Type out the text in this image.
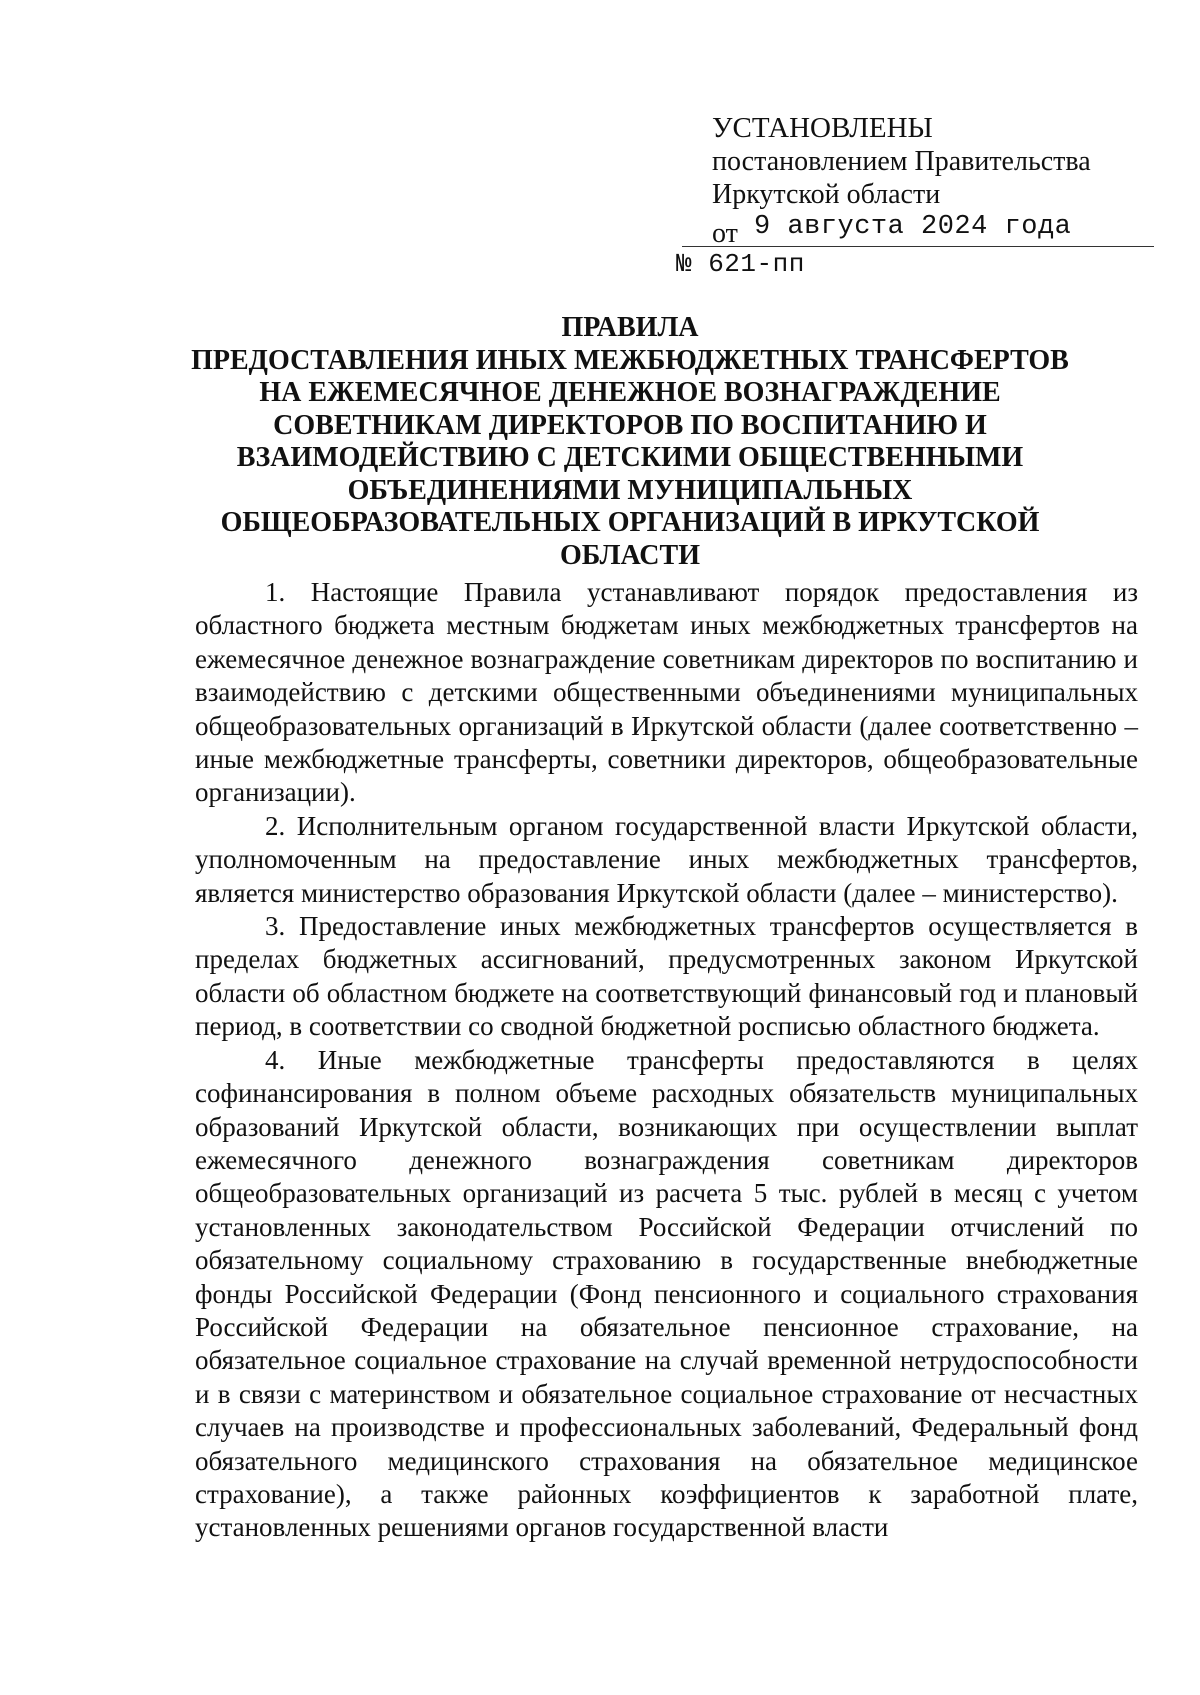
УСТАНОВЛЕНЫ
постановлением Правительства
Иркутской области
от 9 августа 2024 года
№ 621-пп
ПРАВИЛА
ПРЕДОСТАВЛЕНИЯ ИНЫХ МЕЖБЮДЖЕТНЫХ ТРАНСФЕРТОВ НА ЕЖЕМЕСЯЧНОЕ ДЕНЕЖНОЕ ВОЗНАГРАЖДЕНИЕ СОВЕТНИКАМ ДИРЕКТОРОВ ПО ВОСПИТАНИЮ И ВЗАИМОДЕЙСТВИЮ С ДЕТСКИМИ ОБЩЕСТВЕННЫМИ ОБЪЕДИНЕНИЯМИ МУНИЦИПАЛЬНЫХ ОБЩЕОБРАЗОВАТЕЛЬНЫХ ОРГАНИЗАЦИЙ В ИРКУТСКОЙ ОБЛАСТИ

1. Настоящие Правила устанавливают порядок предоставления из областного бюджета местным бюджетам иных межбюджетных трансфертов на ежемесячное денежное вознаграждение советникам директоров по воспитанию и взаимодействию с детскими общественными объединениями муниципальных общеобразовательных организаций в Иркутской области (далее соответственно – иные межбюджетные трансферты, советники директоров, общеобразовательные организации).

2. Исполнительным органом государственной власти Иркутской области, уполномоченным на предоставление иных межбюджетных трансфертов, является министерство образования Иркутской области (далее – министерство).

3. Предоставление иных межбюджетных трансфертов осуществляется в пределах бюджетных ассигнований, предусмотренных законом Иркутской области об областном бюджете на соответствующий финансовый год и плановый период, в соответствии со сводной бюджетной росписью областного бюджета.

4. Иные межбюджетные трансферты предоставляются в целях софинансирования в полном объеме расходных обязательств муниципальных образований Иркутской области, возникающих при осуществлении выплат ежемесячного денежного вознаграждения советникам директоров общеобразовательных организаций из расчета 5 тыс. рублей в месяц с учетом установленных законодательством Российской Федерации отчислений по обязательному социальному страхованию в государственные внебюджетные фонды Российской Федерации (Фонд пенсионного и социального страхования Российской Федерации на обязательное пенсионное страхование, на обязательное социальное страхование на случай временной нетрудоспособности и в связи с материнством и обязательное социальное страхование от несчастных случаев на производстве и профессиональных заболеваний, Федеральный фонд обязательного медицинского страхования на обязательное медицинское страхование), а также районных коэффициентов к заработной плате, установленных решениями органов государственной власти
